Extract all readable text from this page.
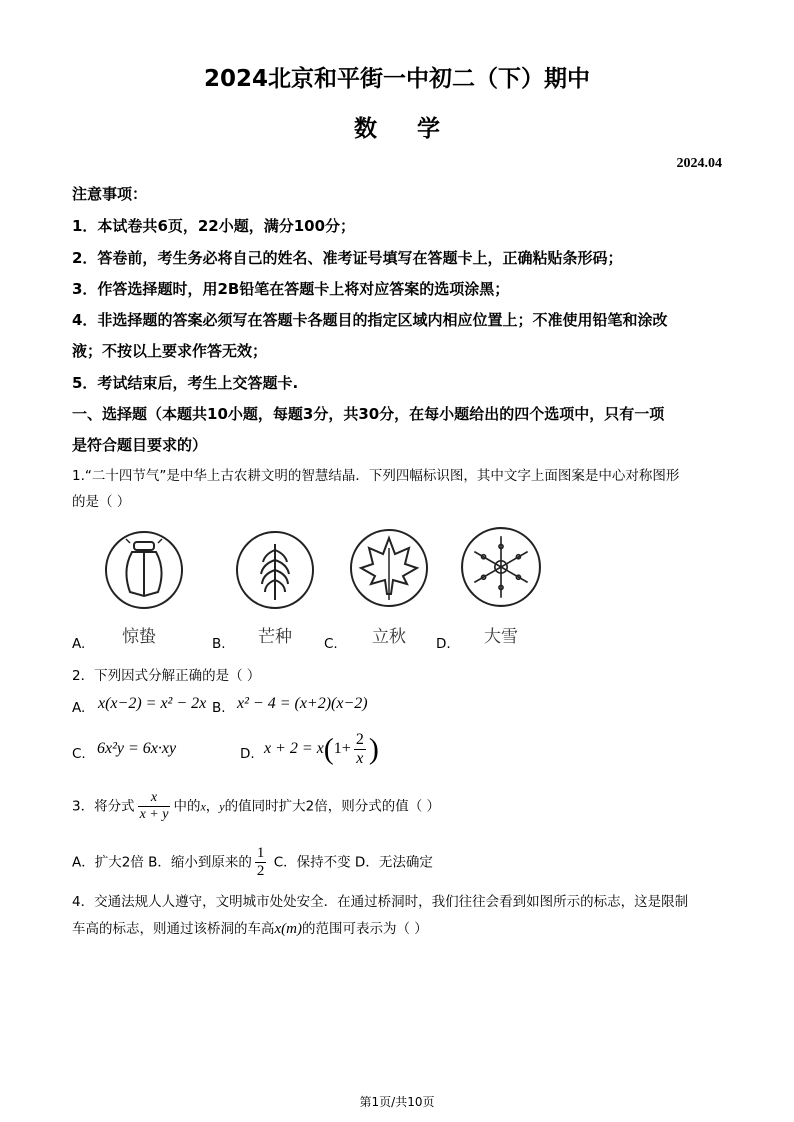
2024北京和平街一中初二（下）期中
数学
2024.04
注意事项：
1．本试卷共6页，22小题，满分100分；
2．答卷前，考生务必将自己的姓名、准考证号填写在答题卡上，正确粘贴条形码；
3．作答选择题时，用2B铅笔在答题卡上将对应答案的选项涂黑；
4．非选择题的答案必须写在答题卡各题目的指定区域内相应位置上；不准使用铅笔和涂改
液；不按以上要求作答无效；
5．考试结束后，考生上交答题卡.
一、选择题（本题共10小题，每题3分，共30分，在每小题给出的四个选项中，只有一项
是符合题目要求的）
1.“二十四节气”是中华上古农耕文明的智慧结晶．下列四幅标识图，其中文字上面图案是中心对称图形
的是（ ）
惊蛰
A.	芒种
B.	立秋
C.	大雪
D.
2．下列因式分解正确的是（ ）
A. x(x−2) = x² − 2x B. x² − 4 = (x+2)(x−2)
C. 6x²y = 6x·xy	D. $x + 2 = x(1+ \frac{2}{x}$ )
3．将分式 $\frac{x}{x + y}$ 中的x，y的值同时扩大2倍，则分式的值（ ）
A．扩大2倍 B．缩小到原来的 $\frac{1}{2}$ C．保持不变 D．无法确定
4．交通法规人人遵守，文明城市处处安全．在通过桥洞时，我们往往会看到如图所示的标志，这是限制
车高的标志，则通过该桥洞的车高x(m)的范围可表示为（ ）
第1页/共10页
